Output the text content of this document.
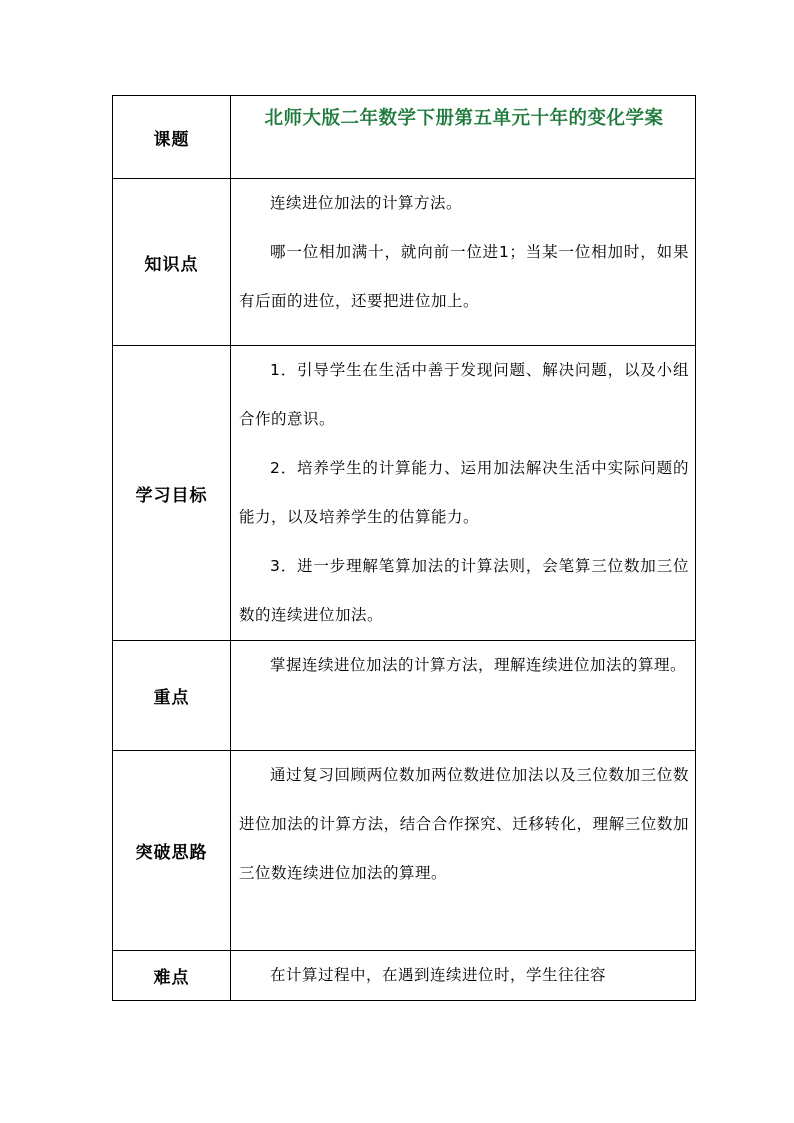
课题	北师大版二年数学下册第五单元十年的变化学案

知识点	连续进位加法的计算方法。

哪一位相加满十，就向前一位进1；当某一位相加时，如果有后面的进位，还要把进位加上。

学习目标	1．引导学生在生活中善于发现问题、解决问题，以及小组合作的意识。

2．培养学生的计算能力、运用加法解决生活中实际问题的能力，以及培养学生的估算能力。

3．进一步理解笔算加法的计算法则，会笔算三位数加三位数的连续进位加法。

重点	掌握连续进位加法的计算方法，理解连续进位加法的算理。

突破思路	通过复习回顾两位数加两位数进位加法以及三位数加三位数进位加法的计算方法，结合合作探究、迁移转化，理解三位数加三位数连续进位加法的算理。

难点	在计算过程中，在遇到连续进位时，学生往往容
